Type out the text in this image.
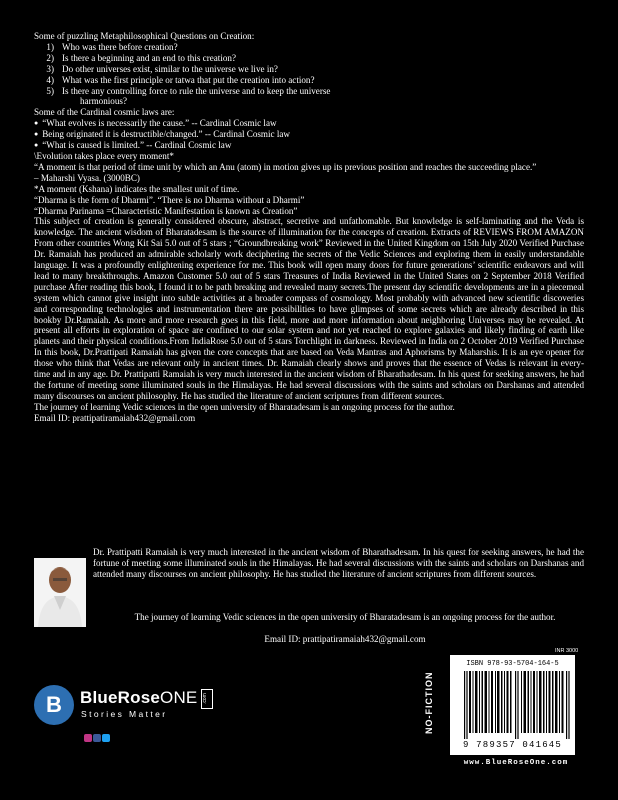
Some of puzzling Metaphilosophical Questions on Creation:

1) Who was there before creation?
2) Is there a beginning and an end to this creation?
3) Do other universes exist, similar to the universe we live in?
4) What was the first principle or tatwa that put the creation into action?
5) Is there any controlling force to rule the universe and to keep the universe
harmonious?

Some of the Cardinal cosmic laws are:

● “What evolves is necessarily the cause.” -- Cardinal Cosmic law

● Being originated it is destructible/changed.” -- Cardinal Cosmic law

● “What is caused is limited.” -- Cardinal Cosmic law

\Evolution takes place every moment*

“A moment is that period of time unit by which an Anu (atom) in motion gives up its previous position and reaches the succeeding place.”

– Maharshi Vyasa. (3000BC)

*A moment (Kshana) indicates the smallest unit of time.

“Dharma is the form of Dharmi”. “There is no Dharma without a Dharmi”

“Dharma Parinama =Characteristic Manifestation is known as Creation”

This subject of creation is generally considered obscure, abstract, secretive and unfathomable. But knowledge is self-laminating and the Veda is knowledge. The ancient wisdom of Bharatadesam is the source of illumination for the concepts of creation. Extracts of REVIEWS FROM AMAZON From other countries Wong Kit Sai 5.0 out of 5 stars ; “Groundbreaking work” Reviewed in the United Kingdom on 15th July 2020 Verified Purchase Dr. Ramaiah has produced an admirable scholarly work deciphering the secrets of the Vedic Sciences and exploring them in easily understandable language. It was a profoundly enlightening experience for me. This book will open many doors for future generations’ scientific endeavors and will lead to many breakthroughs. Amazon Customer 5.0 out of 5 stars Treasures of India Reviewed in the United States on 2 September 2018 Verified purchase After reading this book, I found it to be path breaking and revealed many secrets.The present day scientific developments are in a piecemeal system which cannot give insight into subtle activities at a broader compass of cosmology. Most probably with advanced new scientific discoveries and corresponding technologies and instrumentation there are possibilities to have glimpses of some secrets which are already described in this bookby Dr.Ramaiah. As more and more research goes in this field, more and more information about neighboring Universes may be revealed. At present all efforts in exploration of space are confined to our solar system and not yet reached to explore galaxies and likely finding of earth like planets and their physical conditions.From IndiaRose 5.0 out of 5 stars Torchlight in darkness. Reviewed in India on 2 October 2019 Verified Purchase In this book, Dr.Prattipati Ramaiah has given the core concepts that are based on Veda Mantras and Aphorisms by Maharshis. It is an eye opener for those who think that Vedas are relevant only in ancient times. Dr. Ramaiah clearly shows and proves that the essence of Vedas is relevant in every- time and in any age. Dr. Prattipatti Ramaiah is very much interested in the ancient wisdom of Bharathadesam. In his quest for seeking answers, he had the fortune of meeting some illuminated souls in the Himalayas. He had several discussions with the saints and scholars on Darshanas and attended many discourses on ancient philosophy. He has studied the literature of ancient scriptures from different sources.

The journey of learning Vedic sciences in the open university of Bharatadesam is an ongoing process for the author.

Email ID: prattipatiramaiah432@gmail.com

Dr. Prattipatti Ramaiah is very much interested in the ancient wisdom of Bharathadesam. In his quest for seeking answers, he had the fortune of meeting some illuminated souls in the Himalayas. He had several discussions with the saints and scholars on Darshanas and attended many discourses on ancient philosophy. He has studied the literature of ancient scriptures from different sources.

The journey of learning Vedic sciences in the open university of Bharatadesam is an ongoing process for the author.
Email ID: prattipatiramaiah432@gmail.com
B	BlueRoseONE .com
Stories Matter	NO-FICTION
INR 3000
ISBN 978-93-5704-164-5
9 789357 041645
www.BlueRoseOne.com
